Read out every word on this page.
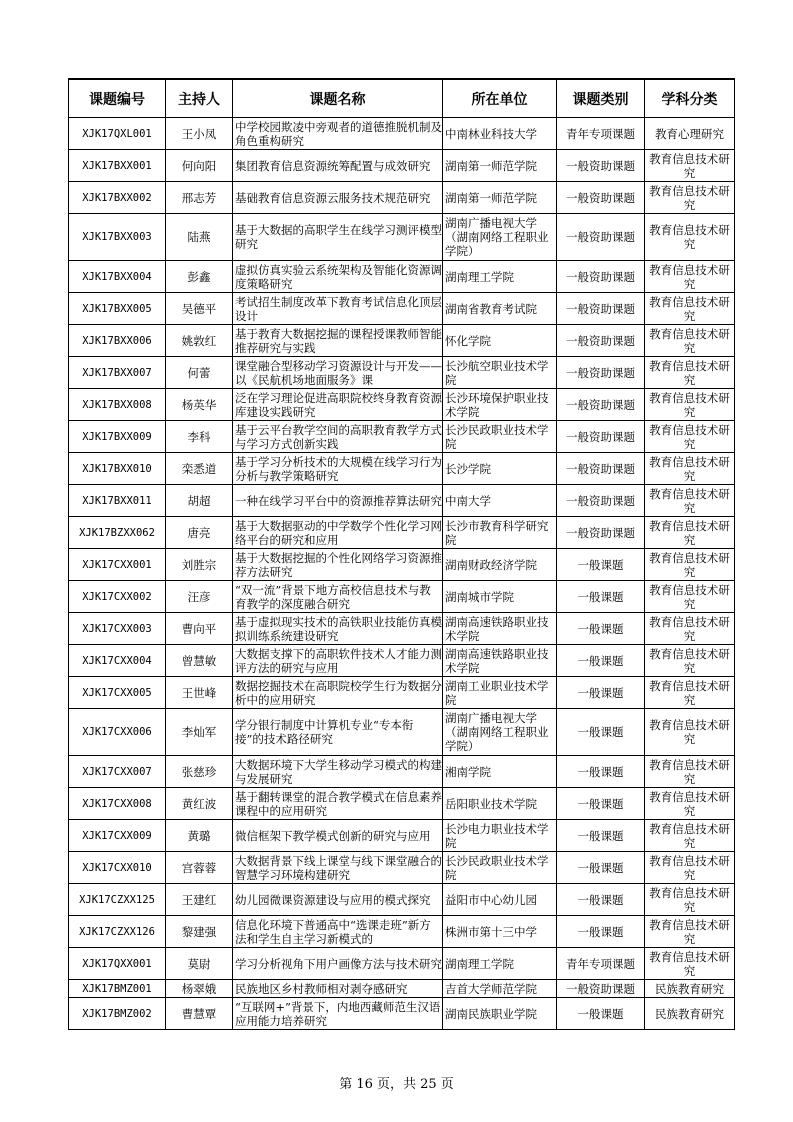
课题编号	主持人	课题名称	所在单位	课题类别	学科分类

XJK17QXL001	王小凤	中学校园欺凌中旁观者的道德推脱机制及角色重构研究	中南林业科技大学	青年专项课题	教育心理研究

XJK17BXX001	何向阳	集团教育信息资源统筹配置与成效研究	湖南第一师范学院	一般资助课题	教育信息技术研究

XJK17BXX002	邢志芳	基础教育信息资源云服务技术规范研究	湖南第一师范学院	一般资助课题	教育信息技术研究

XJK17BXX003	陆燕	基于大数据的高职学生在线学习测评模型研究	湖南广播电视大学（湖南网络工程职业学院）	一般资助课题	教育信息技术研究

XJK17BXX004	彭鑫	虚拟仿真实验云系统架构及智能化资源调度策略研究	湖南理工学院	一般资助课题	教育信息技术研究

XJK17BXX005	吴德平	考试招生制度改革下教育考试信息化顶层设计	湖南省教育考试院	一般资助课题	教育信息技术研究

XJK17BXX006	姚敦红	基于教育大数据挖掘的课程授课教师智能推荐研究与实践	怀化学院	一般资助课题	教育信息技术研究

XJK17BXX007	何蕾	课堂融合型移动学习资源设计与开发——以《民航机场地面服务》课	长沙航空职业技术学院	一般资助课题	教育信息技术研究

XJK17BXX008	杨英华	泛在学习理论促进高职院校终身教育资源库建设实践研究	长沙环境保护职业技术学院	一般资助课题	教育信息技术研究

XJK17BXX009	李科	基于云平台教学空间的高职教育教学方式与学习方式创新实践	长沙民政职业技术学院	一般资助课题	教育信息技术研究

XJK17BXX010	栾悉道	基于学习分析技术的大规模在线学习行为分析与教学策略研究	长沙学院	一般资助课题	教育信息技术研究

XJK17BXX011	胡超	一种在线学习平台中的资源推荐算法研究	中南大学	一般资助课题	教育信息技术研究

XJK17BZXX062	唐亮	基于大数据驱动的中学数学个性化学习网络平台的研究和应用	长沙市教育科学研究院	一般资助课题	教育信息技术研究

XJK17CXX001	刘胜宗	基于大数据挖掘的个性化网络学习资源推荐方法研究	湖南财政经济学院	一般课题	教育信息技术研究

XJK17CXX002	汪彦	“双一流”背景下地方高校信息技术与教育教学的深度融合研究	湖南城市学院	一般课题	教育信息技术研究

XJK17CXX003	曹向平	基于虚拟现实技术的高铁职业技能仿真模拟训练系统建设研究	湖南高速铁路职业技术学院	一般课题	教育信息技术研究

XJK17CXX004	曾慧敏	大数据支撑下的高职软件技术人才能力测评方法的研究与应用	湖南高速铁路职业技术学院	一般课题	教育信息技术研究

XJK17CXX005	王世峰	数据挖掘技术在高职院校学生行为数据分析中的应用研究	湖南工业职业技术学院	一般课题	教育信息技术研究

XJK17CXX006	李灿军	学分银行制度中计算机专业“专本衔接”的技术路径研究	湖南广播电视大学（湖南网络工程职业学院）	一般课题	教育信息技术研究

XJK17CXX007	张慈珍	大数据环境下大学生移动学习模式的构建与发展研究	湘南学院	一般课题	教育信息技术研究

XJK17CXX008	黄红波	基于翻转课堂的混合教学模式在信息素养课程中的应用研究	岳阳职业技术学院	一般课题	教育信息技术研究

XJK17CXX009	黄璐	微信框架下教学模式创新的研究与应用	长沙电力职业技术学院	一般课题	教育信息技术研究

XJK17CXX010	宫蓉蓉	大数据背景下线上课堂与线下课堂融合的智慧学习环境构建研究	长沙民政职业技术学院	一般课题	教育信息技术研究

XJK17CZXX125	王建红	幼儿园微课资源建设与应用的模式探究	益阳市中心幼儿园	一般课题	教育信息技术研究

XJK17CZXX126	黎建强	信息化环境下普通高中“选课走班”新方法和学生自主学习新模式的	株洲市第十三中学	一般课题	教育信息技术研究

XJK17QXX001	莫尉	学习分析视角下用户画像方法与技术研究	湖南理工学院	青年专项课题	教育信息技术研究

XJK17BMZ001	杨翠娥	民族地区乡村教师相对剥夺感研究	吉首大学师范学院	一般资助课题	民族教育研究

XJK17BMZ002	曹慧覃	“互联网+”背景下，内地西藏师范生汉语应用能力培养研究	湖南民族职业学院	一般课题	民族教育研究
第 16 页，共 25 页
